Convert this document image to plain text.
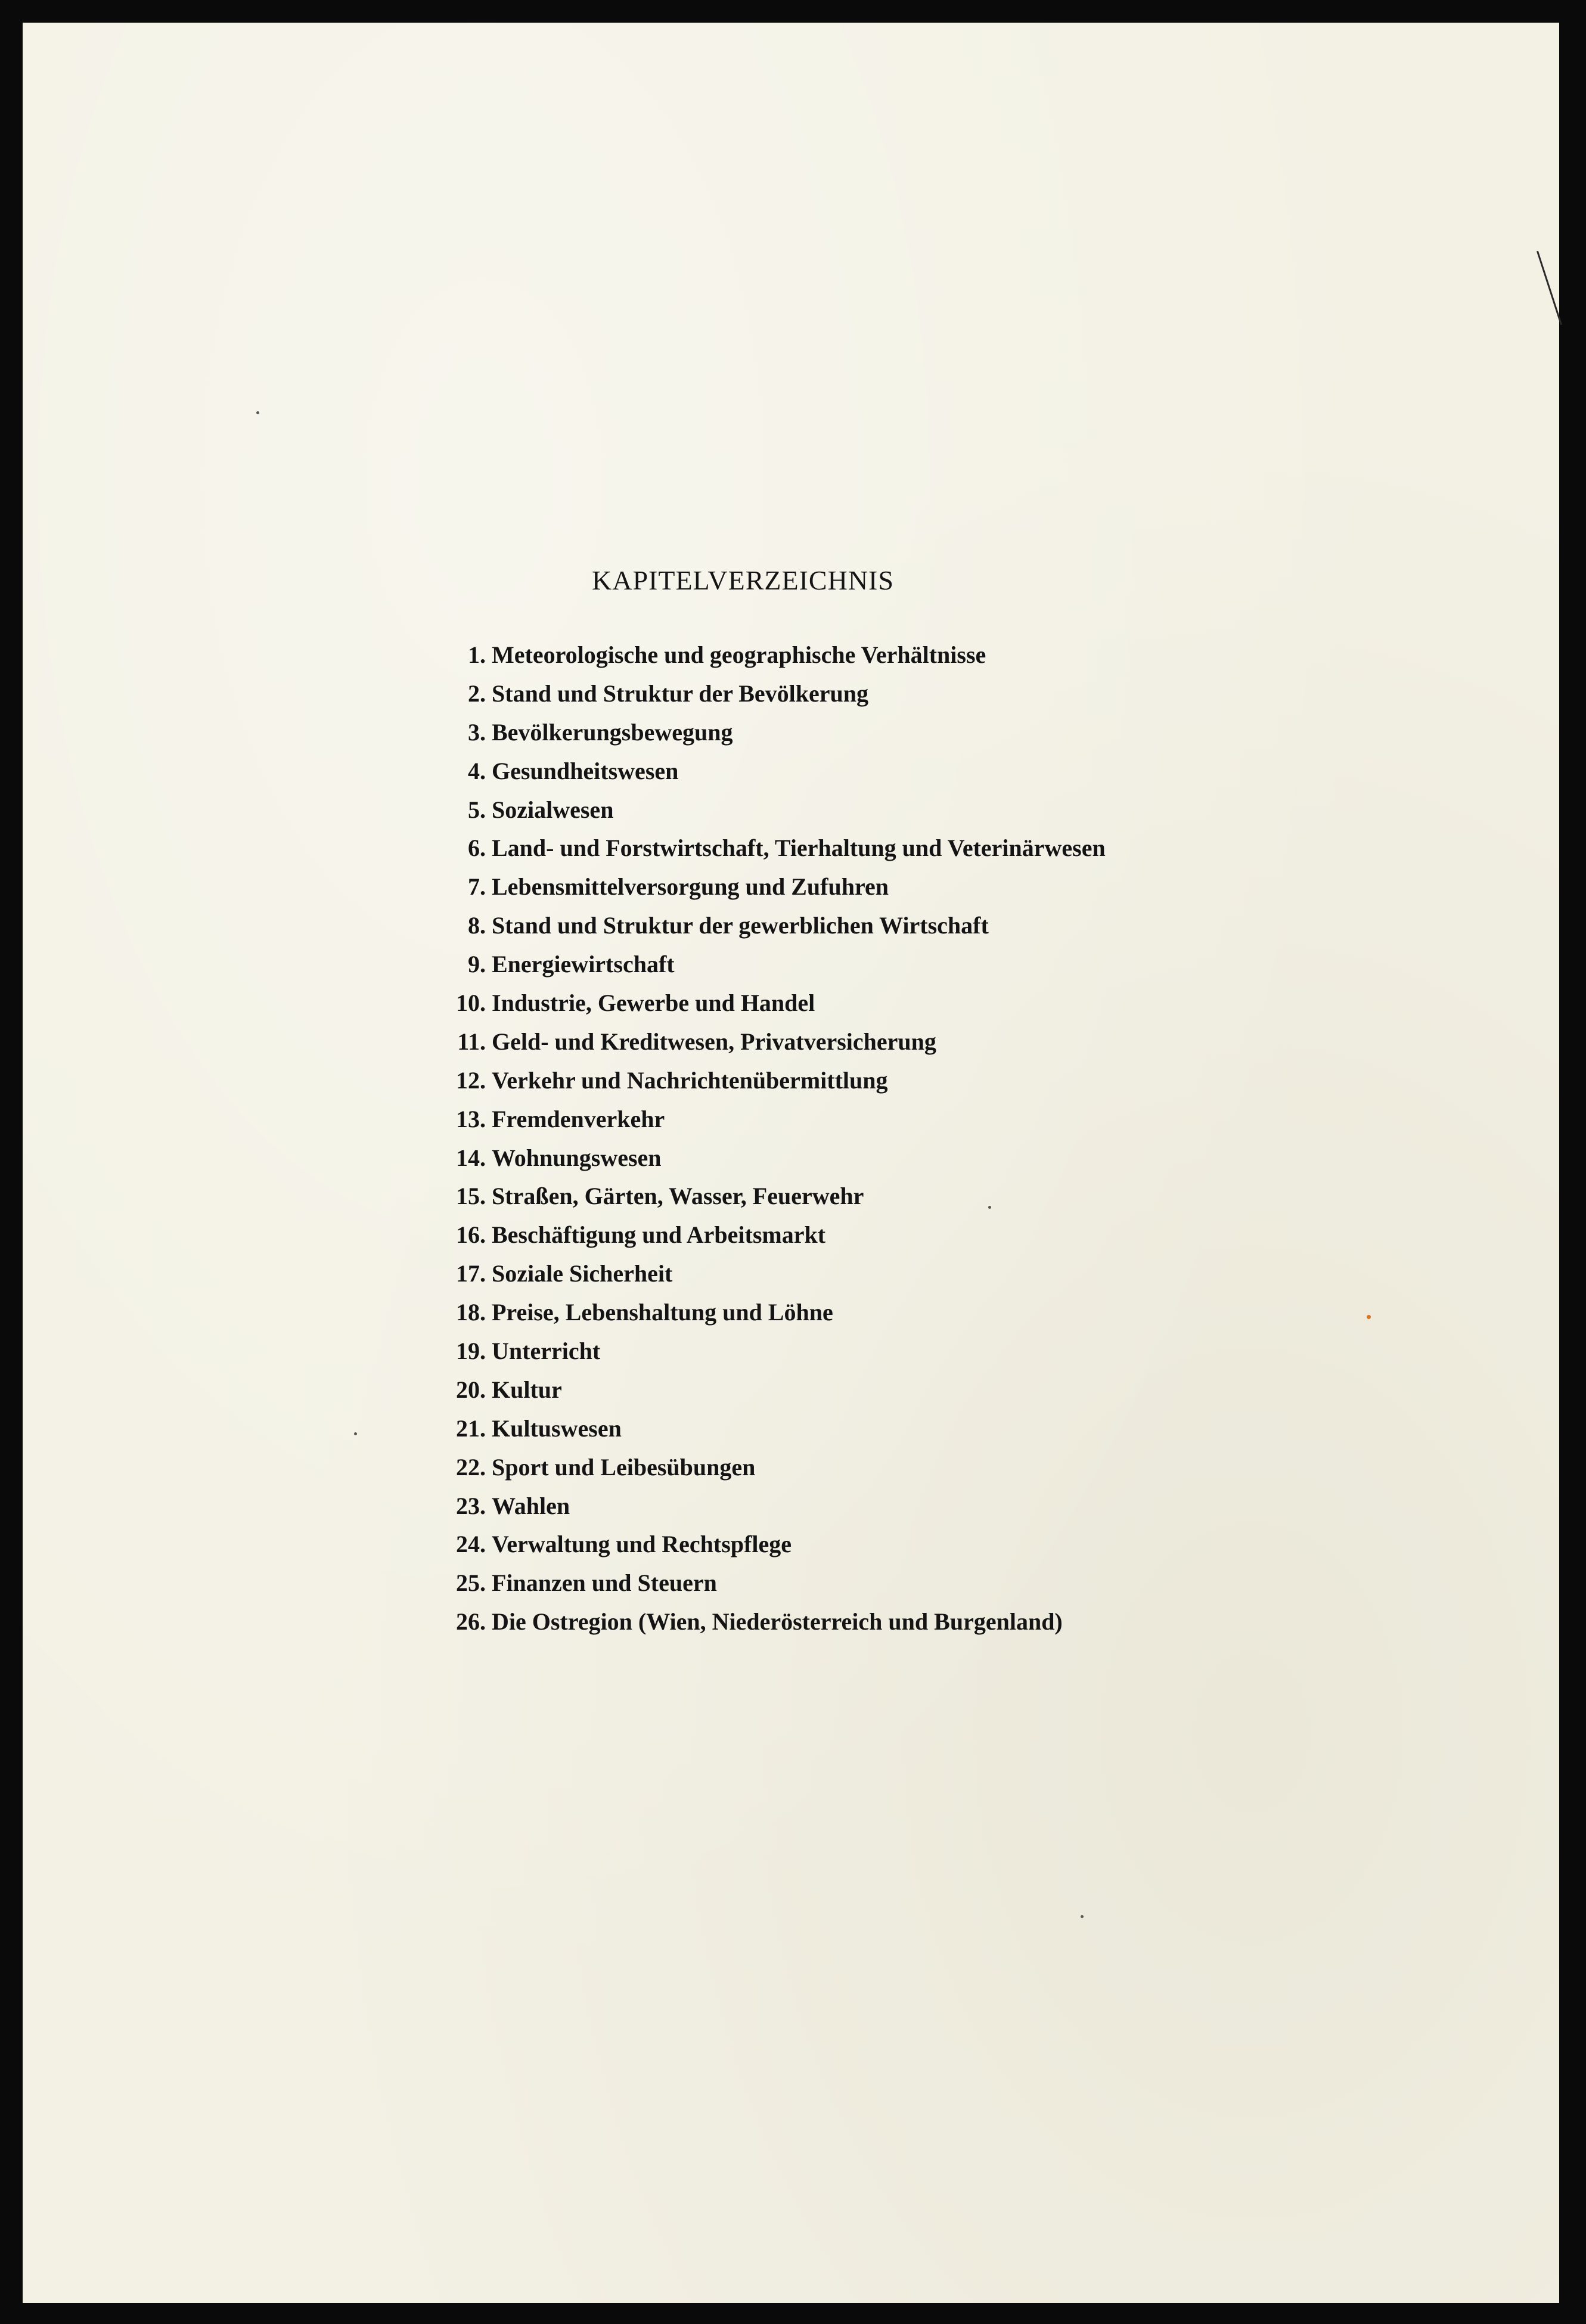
KAPITELVERZEICHNIS
1. Meteorologische und geographische Verhältnisse
2. Stand und Struktur der Bevölkerung
3. Bevölkerungsbewegung
4. Gesundheitswesen
5. Sozialwesen
6. Land- und Forstwirtschaft, Tierhaltung und Veterinärwesen
7. Lebensmittelversorgung und Zufuhren
8. Stand und Struktur der gewerblichen Wirtschaft
9. Energiewirtschaft
10. Industrie, Gewerbe und Handel
11. Geld- und Kreditwesen, Privatversicherung
12. Verkehr und Nachrichtenübermittlung
13. Fremdenverkehr
14. Wohnungswesen
15. Straßen, Gärten, Wasser, Feuerwehr
16. Beschäftigung und Arbeitsmarkt
17. Soziale Sicherheit
18. Preise, Lebenshaltung und Löhne
19. Unterricht
20. Kultur
21. Kultuswesen
22. Sport und Leibesübungen
23. Wahlen
24. Verwaltung und Rechtspflege
25. Finanzen und Steuern
26. Die Ostregion (Wien, Niederösterreich und Burgenland)
